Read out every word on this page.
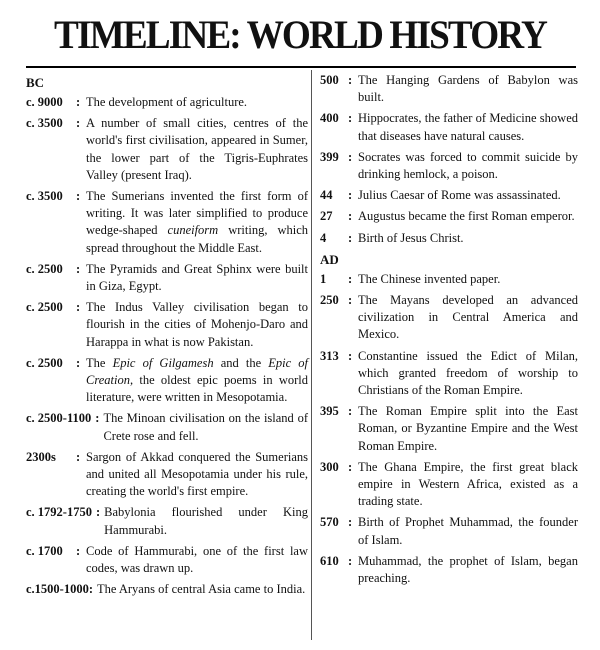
TIMELINE: WORLD HISTORY
BC
c. 9000	: The development of agriculture.
c. 3500	: A number of small cities, centres of the world's first civilisation, appeared in Sumer, the lower part of the Tigris-Euphrates Valley (present Iraq).
c. 3500	: The Sumerians invented the first form of writing. It was later simplified to produce wedge-shaped cuneiform writing, which spread throughout the Middle East.
c. 2500	: The Pyramids and Great Sphinx were built in Giza, Egypt.
c. 2500	: The Indus Valley civilisation began to flourish in the cities of Mohenjo-Daro and Harappa in what is now Pakistan.
c. 2500	: The Epic of Gilgamesh and the Epic of Creation, the oldest epic poems in world literature, were written in Mesopotamia.
c. 2500-1100 : The Minoan civilisation on the island of Crete rose and fell.
2300s	: Sargon of Akkad conquered the Sumerians and united all Mesopotamia under his rule, creating the world's first empire.
c. 1792-1750 : Babylonia flourished under King Hammurabi.
c. 1700	: Code of Hammurabi, one of the first law codes, was drawn up.
c.1500-1000: The Aryans of central Asia came to India.
500 : The Hanging Gardens of Babylon was built.
400 : Hippocrates, the father of Medicine showed that diseases have natural causes.
399 : Socrates was forced to commit suicide by drinking hemlock, a poison.
44	: Julius Caesar of Rome was assassinated.
27	: Augustus became the first Roman emperor.
4	: Birth of Jesus Christ.
AD
1	: The Chinese invented paper.
250 : The Mayans developed an advanced civilization in Central America and Mexico.
313 : Constantine issued the Edict of Milan, which granted freedom of worship to Christians of the Roman Empire.
395 : The Roman Empire split into the East Roman, or Byzantine Empire and the West Roman Empire.
300 : The Ghana Empire, the first great black empire in Western Africa, existed as a trading state.
570 : Birth of Prophet Muhammad, the founder of Islam.
610 : Muhammad, the prophet of Islam, began preaching.
